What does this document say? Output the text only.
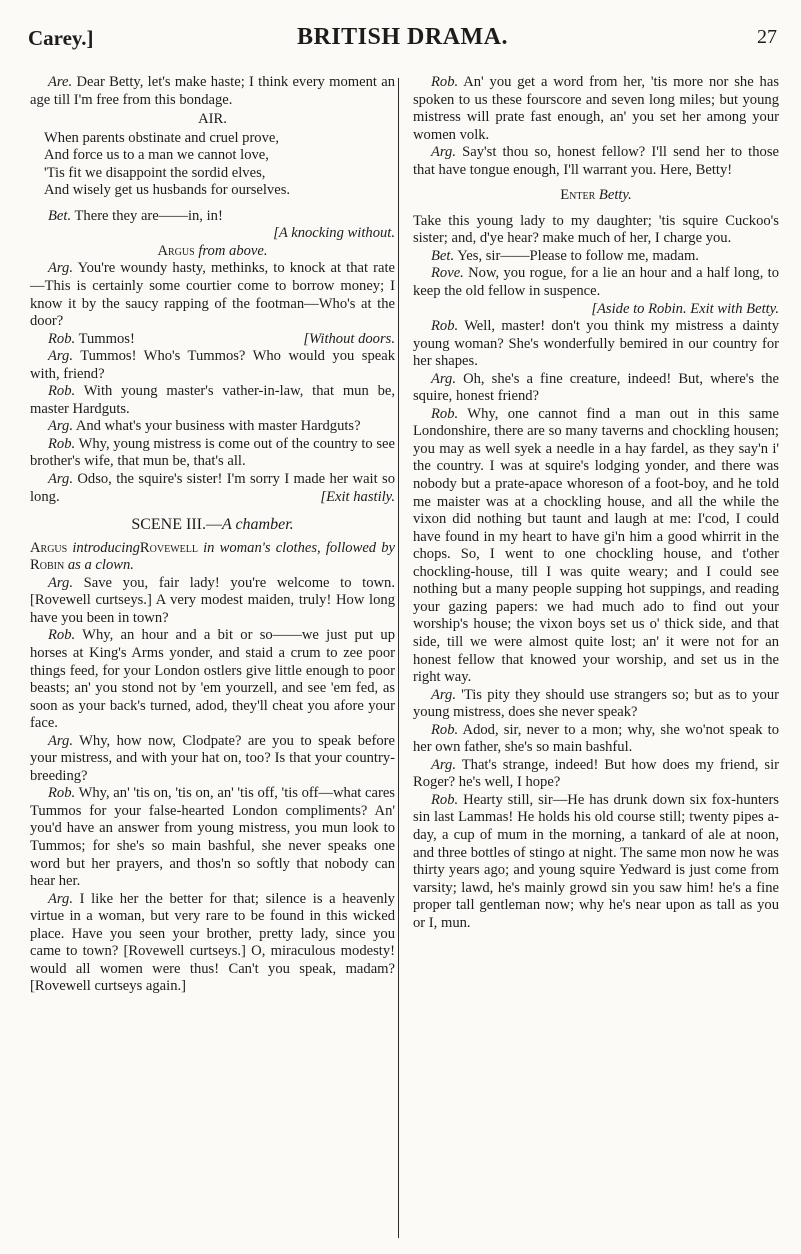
Carey.]	BRITISH DRAMA.	27

Are. Dear Betty, let's make haste; I think every moment an age till I'm free from this bondage.

AIR.

When parents obstinate and cruel prove,

And force us to a man we cannot love,

'Tis fit we disappoint the sordid elves,

And wisely get us husbands for ourselves.

Bet. There they are——in, in!

[A knocking without.

Argus from above.

Arg. You're woundy hasty, methinks, to knock at that rate—This is certainly some courtier come to borrow money; I know it by the saucy rapping of the footman—Who's at the door?

Rob. Tummos!	[Without doors.

Arg. Tummos! Who's Tummos? Who would you speak with, friend?

Rob. With young master's vather-in-law, that mun be, master Hardguts.

Arg. And what's your business with master Hardguts?

Rob. Why, young mistress is come out of the country to see brother's wife, that mun be, that's all.

Arg. Odso, the squire's sister! I'm sorry I made her wait so long.	[Exit hastily.

SCENE III.—A chamber.

Argus introducingRovewell in woman's clothes, followed by Robin as a clown.

Arg. Save you, fair lady! you're welcome to town. [Rovewell curtseys.] A very modest maiden, truly! How long have you been in town?

Rob. Why, an hour and a bit or so——we just put up horses at King's Arms yonder, and staid a crum to zee poor things feed, for your London ostlers give little enough to poor beasts; an' you stond not by 'em yourzell, and see 'em fed, as soon as your back's turned, adod, they'll cheat you afore your face.

Arg. Why, how now, Clodpate? are you to speak before your mistress, and with your hat on, too? Is that your country-breeding?

Rob. Why, an' 'tis on, 'tis on, an' 'tis off, 'tis off—what cares Tummos for your false-hearted London compliments? An' you'd have an answer from young mistress, you mun look to Tummos; for she's so main bashful, she never speaks one word but her prayers, and thos'n so softly that nobody can hear her.

Arg. I like her the better for that; silence is a heavenly virtue in a woman, but very rare to be found in this wicked place. Have you seen your brother, pretty lady, since you came to town? [Rovewell curtseys.] O, miraculous modesty! would all women were thus! Can't you speak, madam? [Rovewell curtseys again.]

Rob. An' you get a word from her, 'tis more nor she has spoken to us these fourscore and seven long miles; but young mistress will prate fast enough, an' you set her among your women volk.

Arg. Say'st thou so, honest fellow? I'll send her to those that have tongue enough, I'll warrant you. Here, Betty!

Enter Betty.

Take this young lady to my daughter; 'tis squire Cuckoo's sister; and, d'ye hear? make much of her, I charge you.

Bet. Yes, sir——Please to follow me, madam.

Rove. Now, you rogue, for a lie an hour and a half long, to keep the old fellow in suspence.

[Aside to Robin. Exit with Betty.

Rob. Well, master! don't you think my mistress a dainty young woman? She's wonderfully bemired in our country for her shapes.

Arg. Oh, she's a fine creature, indeed! But, where's the squire, honest friend?

Rob. Why, one cannot find a man out in this same Londonshire, there are so many taverns and chockling housen; you may as well syek a needle in a hay fardel, as they say'n i' the country. I was at squire's lodging yonder, and there was nobody but a prate-apace whoreson of a foot-boy, and he told me maister was at a chockling house, and all the while the vixon did nothing but taunt and laugh at me: I'cod, I could have found in my heart to have gi'n him a good whirrit in the chops. So, I went to one chockling house, and t'other chockling-house, till I was quite weary; and I could see nothing but a many people supping hot suppings, and reading your gazing papers: we had much ado to find out your worship's house; the vixon boys set us o' thick side, and that side, till we were almost quite lost; an' it were not for an honest fellow that knowed your worship, and set us in the right way.

Arg. 'Tis pity they should use strangers so; but as to your young mistress, does she never speak?

Rob. Adod, sir, never to a mon; why, she wo'not speak to her own father, she's so main bashful.

Arg. That's strange, indeed! But how does my friend, sir Roger? he's well, I hope?

Rob. Hearty still, sir—He has drunk down six fox-hunters sin last Lammas! He holds his old course still; twenty pipes a-day, a cup of mum in the morning, a tankard of ale at noon, and three bottles of stingo at night. The same mon now he was thirty years ago; and young squire Yedward is just come from varsity; lawd, he's mainly growd sin you saw him! he's a fine proper tall gentleman now; why he's near upon as tall as you or I, mun.
